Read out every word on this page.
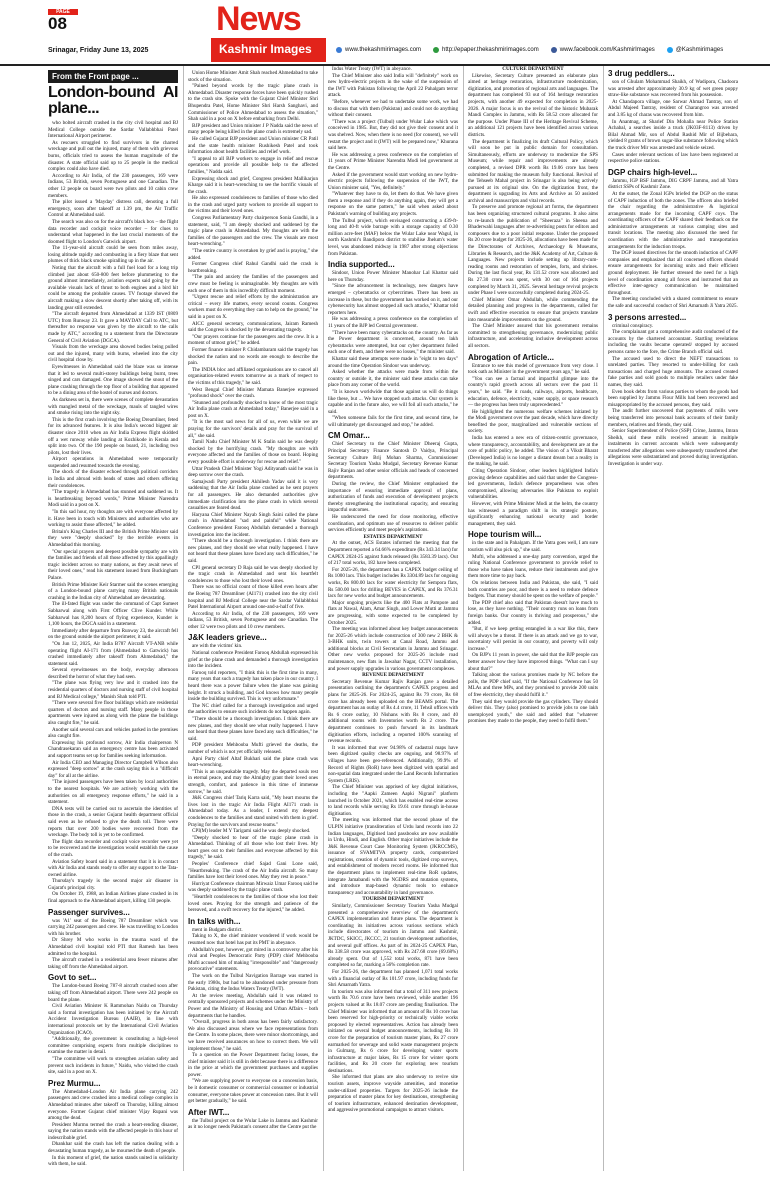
PAGE
08
Srinagar, Friday June 13, 2025
News
Kashmir Images	www.thekashmirimages.com	http://epaper.thekashmirimages.com	www.facebook.com/KashmirImages	@Kashmirimages
From the Front page ...
London-bound AI plane...

who bolted aircraft crashed in the city civil hospital and BJ Medical College outside the Sardar Vallabhbhai Patel International Airport perimeter.

As rescuers struggled to find survivors in the charred wreckage and pull out the injured, many of them with grievous burns, officials tried to assess the human magnitude of the disaster. A state official said up to 25 people in the medical complex could also have died.

According to Air India, of the 230 passengers, 169 were Indians, 53 British, seven Portuguese and one Canadian. The other 12 people on board were two pilots and 10 cabin crew members.

The pilot issued a 'Mayday' distress call, denoting a full emergency, soon after takeoff at 1.39 pm, the Air Traffic Control at Ahmedabad said.

The search was also on for the aircraft's black box – the flight data recorder and cockpit voice recorder – for clues to understand what happened in the last crucial moments of the doomed flight to London's Gatwick airport.

The 11-year-old aircraft could be seen from miles away, losing altitude rapidly and combusting in a fiery blaze that sent plumes of thick black smoke spiralling up in the air.

Noting that the aircraft with a full fuel load for a long trip climbed just about 650-800 feet before plummeting to the ground almost immediately, aviation experts said going by the available visuals lack of thrust to both engines and a bird hit could be among the probable causes. TV footage showed the aircraft making a slow descent shortly after taking off, with its landing gear still extended.

"The aircraft departed from Ahmedabad at 1339 IST (0809 UTC) from Runway 23. It gave a MAYDAY Call to ATC, but thereafter no response was given by the aircraft to the calls made by ATC," according to a statement from the Directorate General of Civil Aviation (DGCA).

Visuals from the wreckage area showed bodies being pulled out and the injured, many with burns, wheeled into the city civil hospital close by.

Eyewitnesses in Ahmedabad said the blaze was so intense that it led to several multi-storey buildings being burnt, trees singed and cars damaged. One image showed the snout of the plane crashing through the top floor of a building that appeared to be a dining area of the hostel of nurses and doctors.

As darkness set in, there were scenes of complete devastation with mangled metal of the wreckage, mauls of tangled wires and smoke rising into the night sky.

This is the first crash involving the Boeing Dreamliner, feted for its advanced features. It is also India's second biggest air disaster since 2010 when an Air India Express flight skidded off a wet runway while landing at Kozhikode in Kerala and split into two. Of the 190 people on board, 21, including two pilots, lost their lives.

Airport operations in Ahmedabad were temporarily suspended and resumed towards the evening.

The shock of the disaster echoed through political corridors in India and abroad with heads of states and others offering their condolences.

"The tragedy in Ahmedabad has stunned and saddened us. It is heartbreaking beyond words," Prime Minister Narendra Modi said in a post on X.

"In this sad hour, my thoughts are with everyone affected by it. Have been in touch with Ministers and authorities who are working to assist those affected," he added.

Britain's King Charles III and the British Prime Minister said they were "deeply shocked" by the terrible events in Ahmedabad this morning.

"Our special prayers and deepest possible sympathy are with the families and friends of all those affected by this appallingly tragic incident across so many nations, as they await news of their loved ones," read his statement issued from Buckingham Palace.

British Prime Minister Keir Starmer said the scenes emerging of a London-bound plane carrying many British nationals crashing in the Indian city of Ahmedabad are devastating.

The ill-fated flight was under the command of Capt Sumeet Sabharwal along with First Officer Clive Kunder. While Sabharwal has 8,200 hours of flying experience, Kunder is 1,100 hours, the DGCA said in a statement.

Immediately after departure from Runway 23, the aircraft fell on the ground outside the airport perimeter, it said.

"On Jun 12, 2025, Air India B787 Aircraft VT-ANB while operating flight AI-171 from (Ahmedabad to Gatwick) has crashed immediately after takeoff from Ahmedabad," the statement said.

Several eyewitnesses on the body, everyday afternoon described the horror of what they had seen.

"The plane was flying very low and it crashed into the residential quarters of doctors and nursing staff of civil hospital and BJ Medical college," Manish Shah told PTI.

"There were several five floor buildings which are residential quarters of doctors and nursing staff. Many people in those apartments were injured as along with the plane the buildings also caught fire," he said.

Another said several cars and vehicles parked in the premises also caught fire.

Expressing his profound sorrow, Air India chairperson N Chandrasekaran said an emergency centre has been activated and support teams set up for families seeking information.

Air India CEO and Managing Director Campbell Wilson also expressed "deep sorrow" at the crash saying this is a "difficult day" for all at the airline.

"The injured passengers have been taken by local authorities to the nearest hospitals. We are actively working with the authorities on all emergency response efforts," he said in a statement.

DNA tests will be carried out to ascertain the identities of those in the crash, a senior Gujarat health department official said even as he refused to give the death toll. There were reports that over 200 bodies were recovered from the wreckage. The body toll is yet to be confirmed.

The flight data recorder and cockpit voice recorder were yet to be recovered and the investigation would establish the cause of the crash.

Aviation Safety board said in a statement that it is in contact with Air India and stands ready to offer any support to the Tata-owned airline.

Thursday's tragedy is the second major air disaster in Gujarat's principal city.

On October 19, 1988, an Indian Airlines plane crashed in its final approach to the Ahmedabad airport, killing 130 people.

Passenger survives...

was 'A1' seat of the Boeing 787 Dreamliner which was carrying 242 passengers and crew. He was travelling to London with his brother.

Dr Shrey M who works in the trauma ward of the Ahmedabad civil hospital told PTI that Ramesh has been admitted to the hospital.

The aircraft crashed in a residential area fewer minutes after taking off from the Ahmedabad airport.

Govt to set...

The London-bound Boeing 787-8 aircraft crashed soon after taking off from Ahmedabad airport. There were 242 people on board the plane.

Civil Aviation Minister K Rammohan Naidu on Thursday said a formal investigation has been initiated by the Aircraft Accident Investigation Bureau (AAIB), in line with international protocols set by the International Civil Aviation Organization (ICAO).

"Additionally, the government is constituting a high-level committee comprising experts from multiple disciplines to examine the matter in detail.

"The committee will work to strengthen aviation safety and prevent such incidents in future," Naidu, who visited the crash site, said in a post on X.

Prez Murmu...

The Ahmedabad-London Air India plane carrying 242 passengers and crew crashed into a medical college complex in Ahmedabad minutes after takeoff on Thursday, killing almost everyone. Former Gujarat chief minister Vijay Rupani was among the dead.

President Murmu termed the crash a heart-rending disaster, saying the nation stands with the affected people in this hour of indescribable grief.

Dhankhar said the crash has left the nation dealing with a devastating human tragedy, as he mourned the death of people.

In this moment of grief, the nation stands united in solidarity with them, he said.

Union Home Minister Amit Shah reached Ahmedabad to take stock of the situation.

"Pained beyond words by the tragic plane crash in Ahmedabad. Disaster response forces have been quickly rushed to the crash site. Spoke with the Gujarat Chief Minister Shri Bhupendra Patel, Home Minister Shri Harsh Sanghavi, and Commissioner of Police Ahmedabad to assess the situation," Shah said in a post on X before embarking from Delhi.

BJP president and Union minister J P Nadda said the news of many people being killed in the plane crash is extremely sad.

He called Gujarat BJP president and Union minister CR Patil and the state health minister Rushikesh Patel and took information about health facilities and relief work.

"I appeal to all BJP workers to engage in relief and rescue operations and provide all possible help to the affected families," Nadda said.

Expressing shock and grief, Congress president Mallikarjun Kharge said it is heart-wrenching to see the horrific visuals of the crash.

He also expressed condolences to families of those who died in the crash and urged party workers to provide all support to the victims and their loved ones.

Congress Parliamentary Party chairperson Sonia Gandhi, in a statement, said, "I am deeply shocked and saddened by the tragic plane crash in Ahmedabad. My thoughts are with the families of the passengers and the crew. The visuals are most heart-wrenching."

"The entire country is overtaken by grief and is praying," she added.

Former Congress chief Rahul Gandhi said the crash is heartbreaking.

"The pain and anxiety the families of the passengers and crew must be feeling is unimaginable. My thoughts are with each one of them in this incredibly difficult moment.

"Urgent rescue and relief efforts by the administration are critical – every life matters, every second counts. Congress workers must do everything they can to help on the ground," he said in a post on X.

AICC general secretary, communications, Jairam Ramesh said the Congress is shocked by the devastating tragedy.

"Our prayers continue for the passengers and the crew. It is a moment of utmost grief," he added.

Former finance minister P. Chidambaram said the tragedy has shocked the nation and no words are enough to describe the pain.

The INDIA bloc and affiliated organisations are to cancel all organisation-related events tomorrow as a mark of respect to the victims of this tragedy," he said.

West Bengal Chief Minister Mamata Banerjee expressed "profound shock" over the crash.

"Stunned and profoundly shocked to know of the most tragic Air India plane crash at Ahmedabad today," Banerjee said in a post on X.

"It is the most sad news for all of us, even while we are praying for the survivors' details and pray for the survival of all," she said.

Tamil Nadu Chief Minister M K Stalin said he was deeply shocked by the horrifying crash. "My thoughts are with everyone affected and the families of those on board. Hoping every possible effort is underway for rescue and relief."

Uttar Pradesh Chief Minister Yogi Adityanath said he was in deep sorrow over the crash.

Samajwadi Party president Akhilesh Yadav said it is very saddening that the Air India plane crashed as he sent prayers for all passengers. He also demanded authorities give immediate clarification into the plane crash in which several casualties are feared dead.

Haryana Chief Minister Nayab Singh Saini called the plane crash in Ahmedabad "sad and painful" while National Conference president Farooq Abdullah demanded a thorough investigation into the incident.

"There should be a thorough investigation. I think there are new planes, and they should see what really happened. I have not heard that these planes have faced any such difficulties," he said.

CPI general secretary D Raja said he was deeply shocked by the tragic crash in Ahmedabad and sent his heartfelt condolences to those who lost their loved ones.

There was no official count of those killed even hours after the Boeing 787 Dreamliner (AI171) crashed into the city civil hospital and BJ Medical College near the Sardar Vallabhbhai Patel International Airport around one-and-a-half of five.

According to Air India, of the 230 passengers, 169 were Indians, 53 British, seven Portuguese and one Canadian. The other 12 were two pilots and 10 crew members.

J&K leaders grieve...

are with the victims' kin.

National conference President Farooq Abdullah expressed his grief at the plane crash and demanded a thorough investigation into the incident.

Farooq told reporters, "I think this is the first time in many, many years that such a tragedy has taken place in our country. I heard there was a power failure when the plane was gaining height. It struck a building, and God knows how many people inside the building survived. This is very unfortunate."

The NC chief called for a thorough investigation and urged the authorities to ensure such incidents do not happen again.

"There should be a thorough investigation. I think there are new planes, and they should see what really happened. I have not heard that these planes have faced any such difficulties," he said.

PDP president Mehbooba Mufti grieved the deaths, the number of which is not yet officially released.

Apni Party chief Altaf Bukhari said the plane crash was heart-wrenching.

"This is an unspeakable tragedy. May the departed souls rest in eternal peace, and may the Almighty grant their loved ones strength, comfort, and patience in this time of immense sorrow," he said.

J&K Congress chief Tariq Karra said, "My heart mourns the lives lost in the tragic Air India Flight AI171 crash in Ahmedabad today. As a leader, I extend my deepest condolences to the families and stand united with them in grief. Praying for the survivors and rescue teams."

CPI(M) leader M Y Tarigami said he was deeply shocked.

"Deeply shocked to hear of the tragic plane crash in Ahmedabad. Thinking of all those who lost their lives. My heart goes out to their families and everyone affected by this tragedy," he said.

Peoples' Conference chief Sajad Gani Lone said, "Heartbreaking. The crash of the Air India aircraft. So many families have lost their loved ones. May they rest in peace."

Hurriyat Conference chairman Mirwaiz Umar Farooq said he was deeply saddened by the tragic plane crash.

"Heartfelt condolences to the families of those who lost their loved ones. Praying for the strength and patience of the bereaved, and a swift recovery for the injured," he added.

In talks with...

ment in Budgam district.

Taking to X, the chief minister wondered if work would be resumed now that hotel has put its PMT in abeyance.

Abdullah's post, however, got mired in a controversy after his rival and Peoples Democratic Party (PDP) chief Mehbooba Mufti accused him of making "irresponsible" and "dangerously provocative" statements.

The work on the Tulbul Navigation Barrage was started in the early 1980s, but had to be abandoned under pressure from Pakistan, citing the Indus Waters Treaty (IWT).

At the review meeting, Abdullah said it was related to centrally sponsored projects and schemes under the Ministry of Power and the Ministry of Housing and Urban Affairs – both departments that he handles.

"Overall, progress in both areas has been fairly satisfactory. We also discussed areas where we face representations from the Centre. In some places, there were minor shortcomings, and we have received assurances on how to correct them. We will implement those," he said.

To a question on the Power Department facing losses, the chief minister said it is still in debt because there is a difference in the price at which the government purchases and supplies power.

"We are supplying power to everyone on a concession basis, be it domestic consumer or commercial consumer or industrial consumer, everyone takes power at concession rates. But it will get better gradually," he said.

After IWT...

the Tulbul project on the Wular Lake in Jammu and Kashmir as it no longer needs Pakistan's consent after the Centre put the

Indus Water Treaty (IWT) in abeyance.

The Chief Minister also said India will "definitely" work on new hydro-electric projects in the wake of the suspension of the IWT with Pakistan following the April 22 Pahalgam terror attack.

"Before, whenever we had to undertake some work, we had to discuss that with them (Pakistan) and could not do anything without their consent.

"There was a project (Tulbul) under Wular Lake which was conceived in 1985. But, they did not give their consent and it was shelved. Now, when there is no need (for consent), we will restart the project and it (IWT) will be prepared now," Khurana said here.

He was addressing a press conference on the completion of 11 years of Prime Minister Narendra Modi led government at the Centre.

Asked if the government would start working on new hydro-electric projects following the suspension of the IWT, the Union minister said, "Yes, definitely."

"Whatever they have to do, let them do that. We have given them a response and if they do anything again, they will get a response on the same pattern," he said when asked about Pakistan's warning of building any projects.

The Tulbul project, which envisaged constructing a 439-ft-long and 40-ft wide barrage with a storage capacity of 0.30 million acre-feet (MAF) below the Wular Lake near Wagul, in north Kashmir's Bandipora district to stabilise Jhelum's water level, was abandoned midway in 1987 after strong objections from Pakistan.

India supported...

Sindoor, Union Power Minister Manohar Lal Khattar said here on Thursday.

"Since the advancement in technology, new dangers have emerged – cyberattacks or cybercrimes. There has been an increase in these, but the government has worked on it, and our cybersecurity has almost stopped all such attacks," Khattar told reporters here.

He was addressing a press conference on the completion of 11 years of the BJP led Central government.

"There have been many cyberattacks on the country. As far as the Power department is concerned, around ten lakh cyberattacks were attempted, but our cyber department foiled each one of them, and there were no losses," the minister said.

Khattar said these attempts were made in "eight to ten days" around the time Operation Sindoor was underway.

Asked whether the attacks were made from within the country or outside it, the minister said these attacks can take place from any corner of the world.

"It is known worldwide that those against us will do things like these, but ... We have stopped such attacks. Our system is capable and in the future also, we will foil all such attacks," he said.

"When someone fails for the first time, and second time, he will ultimately get discouraged and stop," he added.

CM Omar...

Chief Secretary to the Chief Minister Dheeraj Gupta, Principal Secretary Finance Santosh D Vaidya, Principal Secretary Culture Brij Mohan Sharma, Commissioner Secretary Tourism Yasha Mudgal, Secretary Revenue Kumar Rajiv Ranjan and other senior officials and heads of concerned departments.

During the review, the Chief Minister emphasised the importance of ensuring immediate approval of plans, authorization of funds and execution of development projects thereby strengthening the institutional capacity, and ensuring impactful outcomes.

He underscored the need for close monitoring, effective coordination, and optimum use of resources to deliver public services efficiently and meet people's aspirations.

ESTATES DEPARTMENT

At the outset, ACS Estates informed the meeting that the Department reported a 64.66% expenditure (Rs 343.34 lacs) for CAPEX 2024-25 against funds released (Rs 3583.39 lacs). Out of 217 total works, 182 have been completed.

For 2025-26, the department has a CAPEX budget ceiling of Rs 1000 lacs. This budget includes Rs 3304.89 lacs for ongoing works, Rs 800.00 lacs for water electricity for Sempora flats, Rs 500.00 lacs for drilling BEVES in CAPEX, and Rs 376.31 lacs for new works and budget announcements.

Major ongoing projects like the 400 Flats at Pampore and flats at Nawal, Alam, Amar Singh, and Lower Mutti at Jammu are progressing, with some expected to be completed by October 2025.

The meeting was informed about key budget announcements for 2025-26 which include construction of 300 new 2 BHK & 3-BHK units, twin towers at Canal Road, Jammu and additional blocks at Civil Secretariats in Jammu and Srinagar. Other new works proposed for 2025-26 include road maintenance, new flats in Jawahar Nagar, CCTV installation, and power supply upgrades in various government complexes.

REVENUE DEPARTMENT

Secretary Revenue Kumar Rajiv Ranjan gave a detailed presentation outlining the department's CAPEX progress and plans for 2025-26. For 2024-25, against Rs 79 crore, Rs 68 crore has already been uploaded on the BEAMS portal. The department has an outlay of Rs 4.4 crore, 11 Tehsil offices with Rs 6 crore outlay, 10 Nishans with Rs 8 crore, and 40 additional rooms with Inventories worth Rs 2 crore. The department continues to push forward in its landmark digitisation efforts, including a reported 100% scanning of revenue records.

It was informed that over 94.98% of cadastral maps have been digitized quality checks are ongoing, and 98.97% of villages have been geo-referenced. Additionally, 99.9% of Record of Rights (RoR) have been digitized with spatial and non-spatial data integrated under the Land Records Information System (LRIS).

The Chief Minister was apprised of key digital initiatives, including the "Aapki Zameen Aapki Nigrani" platform launched in October 2021, which has enabled real-time access to land records while serving Rs 19.61 crore through in-house digitisation.

The meeting was informed that the second phase of the ULPIN initiative (transliteration of Urdu land records into 22 Indian languages, Digitised land passbooks are now available in Urdu, Hindi, and English. Other major initiatives include the J&K Revenue Court Case Monitoring System (JKRCCMS), issuance of SVAMITVA property cards, computerized registrations, creation of dynamic tools, digitized crop surveys, and establishment of modern record rooms. He informed that the department plans to implement real-time RoR updates, integrate Jamabandi with the NGDRS and mutation systems, and introduce map-based dynamic tools to enhance transparency and accountability in land governance.

TOURISM DEPARTMENT

Similarly, Commissioner Secretary Tourism Yasha Mudgal presented a comprehensive overview of the department's CAPEX implementation and future plans. The department is coordinating its initiatives across various sections which include directorates of tourism in Jammu and Kashmir, JKTDC, SKICC, JKCCC, 21 tourism development authorities, and several gulf offices. As part of its 2024-25 CAPEX Plan, Rs 338.58 crore was approved, with Rs 247.68 crore (69.68%) already spent. Out of 1,552 total works, 871 have been completed so far, marking a 56% completion rate.

For 2025-26, the department has planned 1,071 total works with a financial outlay of Rs 101.97 crore, including funds for Shri Amarnath Yatra.

In tourism was also informed that a total of 311 new projects worth Rs 70.6 crore have been reviewed, while another 196 projects valued at Rs 18.07 crore are pending finalisation. The Chief Minister was informed that an amount of Rs 10 crore has been reserved for high-priority or technically viable works proposed by elected representatives. Action has already been initiated on several budget announcements, including Rs 10 crore for the preparation of tourism master plans, Rs 27 crore earmarked for sewerage and solid waste management projects in Gulmarg, Rs 6 crore for developing water sports infrastructure at major lakes, Rs 15 crore for winter sports facilities, and Rs 20 crore for exploring new tourism destinations.

She informed that plans are also underway to revive site tourism assets, improve wayside amenities, and monetise under-utilized properties. Targets for 2025-26 include the preparation of master plans for key destinations, strengthening of tourism infrastructure, enhanced destination development, and aggressive promotional campaigns to attract visitors.

CULTURE DEPARTMENT

Likewise, Secretary Culture presented an elaborate plan aimed at heritage restoration, infrastructure modernization, digitization, and promotion of regional arts and languages. The department has completed 93 out of 164 heritage restoration projects, with another 49 expected for completion in 2025-2026. A major focus is on the revival of the historic Mubarak Mandi Complex in Jammu, with Rs 58.52 crore allocated for the purpose. Under Phase III of the Heritage Revival Scheme, an additional 121 projects have been identified across various districts.

The department is finalizing its draft Cultural Policy, which will soon be put in public domain for consultation. Simultaneously, efforts are underway to modernize the SPS Museum; while repair and improvements are already completed, a revised DPR worth Rs 19.06 crore has been submitted for making the museum fully functional. Revival of the Tehseeb Mahal project in Srinagar is also being actively pursued at its original site. On the digitization front, the department is upgrading its Arts and Archive as 50 assisted archival and manuscripts and vital records.

To preserve and promote regional art forms, the department has been organizing structured cultural programs. It also aims to re-launch the publication of "Sheeraza" in Sheena and Bhaderwahi languages after re-advertising posts for editors and composers due to a poor initial response. Under the proposed Rs 20 crore budget for 2025-26, allocations have been made for the Directorates of Archives, Archaeology & Museums, Libraries & Research, and the J&K Academy of Art, Culture & Languages. New projects include setting up library-cum-reading rooms and restoration of temples, forts, and shrines. During the last fiscal year, Rs 131.52 crore was allocated and Rs 27.30 crore was spent, with 30 out of 164 projects completed by March 31, 2025. Several heritage revival projects under Phase I were successfully completed during 2024-25.

Chief Minister Omar Abdullah, while commending the detailed planning and progress in the departments, called for swift and effective execution to ensure that projects translate into measurable improvements on the ground.

The Chief Minister assured that his government remains committed to strengthening governance, modernizing public infrastructure, and accelerating inclusive development across all sectors.

Abrogation of Article...

Entrance to see this model of governance from very close. I took oath as Minister in the government years ago," he said.

"You can see a factual and impactful glimpse into the country's rapid growth across all sectors over the past 11 years," he said. "Be it roads, railways, airports, healthcare, education, defence, electricity, water supply, or space research — the progress has been truly unprecedented."

He highlighted the numerous welfare schemes initiated by the Modi government over the past decade, which have directly benefited the poor, marginalized and vulnerable sections of society.

India has entered a new era of citizen-centric governance, where transparency, accountability, and development are at the core of public policy, he added. The vision of a Viksit Bharat (Developed India) is no longer a distant dream but a reality in the making, he said.

Citing Operation Sindoor, other leaders highlighted India's growing defence capabilities and said that under the Congress-led governments, India's defence preparedness was often compromised, allowing adversaries like Pakistan to exploit vulnerabilities.

However, with Prime Minister Modi at the helm, the country has witnessed a paradigm shift in its strategic posture, significantly enhancing national security and border management, they said.

Hope tourism will...

in the state and in Pahalgam. If the Yatra goes well, I am sure tourism will also pick up," she said.

Mufti, who addressed a one-day party convention, urged the ruling National Conference government to provide relief to those who have taken loans, reduce their instalments and give them more time to pay back.

On relations between India and Pakistan, she said, "I said both countries are poor, and there is a need to reduce defence budgets. That money should be spent on the welfare of people."

The PDP chief also said that Pakistan doesn't have much to lose, as they have nothing. "Their country runs on loans from foreign banks. Our country is thriving and prosperous," she added.

"But, if we keep getting entangled in a war like this, there will always be a threat. If there is an attack and we go to war, uncertainty will persist in our country, and poverty will only increase."

On BJP's 11 years in power, she said that the BJP people can better answer how they have improved things. "What can I say about that?"

Talking about the various promises made by NC before the polls, the PDP chief said, "If the National Conference has 50 MLAs and three MPs, and they promised to provide 200 units of free electricity, they should fulfil it."

They said they would provide the gas cylinders. They should deliver this. They (also) promised to provide jobs to one lakh unemployed youth," she said and added that "whatever promises they made to the people, they need to fulfil them."

3 drug peddlers...

son of Ghulam Mohammad Shaikh, of Wadipora, Chadoora was arrested after approximately 30.9 kg of wet green poppy straw-like substance was recovered from his possession.

At Chandapora village, one Sarwar Ahmad Tantray, son of Abdul Majeed Tantray, resident of Charangroo was arrested and 3.85 kg of charas was recovered from him.

In Anantnag, at Sharief Din Mohalla near Police Station Achabal, a searches inside a truck (JK03F-8113) driven by Bilal Ahmad Mir, son of Abdul Rashid Mir of Bijbehara, yielded 8 grams of brown sugar-like substance following which the truck driver Mir was arrested and vehicle seized.

Cases under relevant sections of law have been registered at respective police stations.

DGP chairs high-level...

Jammu, IGP BSF Jammu, DIG CRPF Jammu, and all Yatra district SSPs of Kashmir Zone.

At the outset, the Zonal IGPs briefed the DGP on the status of CAPF induction of both the zones. The officers also briefed the chair regarding the administrative & logistical arrangements made for the incoming CAPF coys. The coordinating officers of the CAPF shared their feedback on the administrative arrangements at various camping sites and transit locations. The meeting also discussed the need for coordination with the administrative and transportation arrangements for the induction troops.

The DGP issued directives for the smooth induction of CAPF companies and emphasized that all concerned officers should ensure arrangements for incoming units and their efficient ground deployment. He further stressed the need for a high level of coordination among all forces and instructed that an effective inter-agency communication be maintained throughout.

The meeting concluded with a shared commitment to ensure the safe and successful conduct of Shri Amarnath Ji Yatra 2025.

3 persons arrested...

criminal conspiracy.

The complainant got a comprehensive audit conducted of the accounts by the chartered accountant. Startling revelations including the vaults became operated/ stopped by accused persons came to the fore, the Crime Branch official said.

The accused used to direct the NEFT transactions to unrelated parties. They resorted to under-billing for cash transactions and charged huge amounts. The accused created fake parties and sold goods to multiple retailers under fake names, they said.

Even book debts from various parties to whom the goods had been supplied by Jammu Flour Mills had been recovered and misappropriated by the accused persons, they said.

The audit further uncovered that payments of mills were being transferred into personal bank accounts of their family members, relatives and friends, they said.

Senior Superintendent of Police (SSP) Crime, Jammu, Imran Sheikh, said these mills received amount in multiple instalments in current accounts which were subsequently transferred after allegations were subsequently transferred after allegations were substantiated and proved during investigation. Investigation is under way.
